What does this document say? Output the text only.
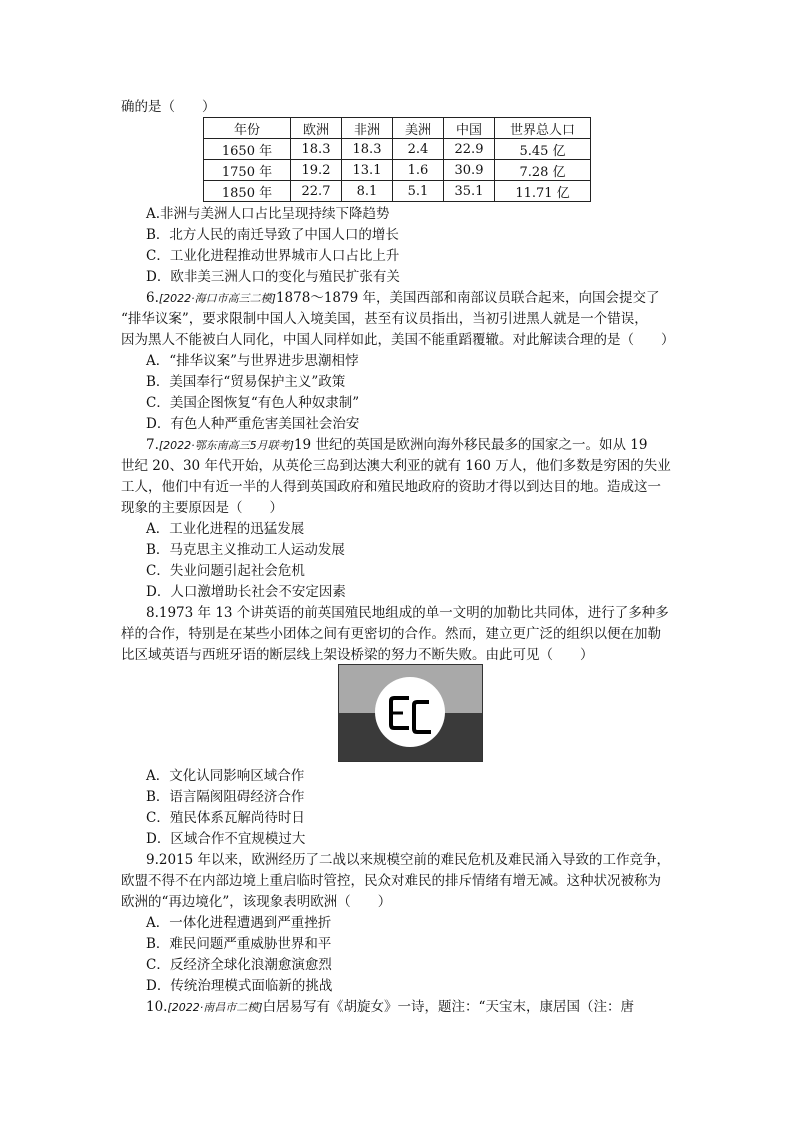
确的是（　　）
年份	欧洲	非洲	美洲	中国	世界总人口
1650 年	18.3	18.3	2.4	22.9	5.45 亿
1750 年	19.2	13.1	1.6	30.9	7.28 亿
1850 年	22.7	8.1	5.1	35.1	11.71 亿
A.非洲与美洲人口占比呈现持续下降趋势
B．北方人民的南迁导致了中国人口的增长
C．工业化进程推动世界城市人口占比上升
D．欧非美三洲人口的变化与殖民扩张有关
6.[2022·海口市高三二模]1878～1879 年，美国西部和南部议员联合起来，向国会提交了
“排华议案”，要求限制中国人入境美国，甚至有议员指出，当初引进黑人就是一个错误，
因为黑人不能被白人同化，中国人同样如此，美国不能重蹈覆辙。对此解读合理的是（　　）
A．“排华议案”与世界进步思潮相悖
B．美国奉行“贸易保护主义”政策
C．美国企图恢复“有色人种奴隶制”
D．有色人种严重危害美国社会治安
7.[2022·鄂东南高三5月联考]19 世纪的英国是欧洲向海外移民最多的国家之一。如从 19
世纪 20、30 年代开始，从英伦三岛到达澳大利亚的就有 160 万人，他们多数是穷困的失业
工人，他们中有近一半的人得到英国政府和殖民地政府的资助才得以到达目的地。造成这一
现象的主要原因是（　　）
A．工业化进程的迅猛发展
B．马克思主义推动工人运动发展
C．失业问题引起社会危机
D．人口激增助长社会不安定因素
8.1973 年 13 个讲英语的前英国殖民地组成的单一文明的加勒比共同体，进行了多种多
样的合作，特别是在某些小团体之间有更密切的合作。然而，建立更广泛的组织以便在加勒
比区域英语与西班牙语的断层线上架设桥梁的努力不断失败。由此可见（　　）
A．文化认同影响区域合作
B．语言隔阂阻碍经济合作
C．殖民体系瓦解尚待时日
D．区域合作不宜规模过大
9.2015 年以来，欧洲经历了二战以来规模空前的难民危机及难民涌入导致的工作竞争，
欧盟不得不在内部边境上重启临时管控，民众对难民的排斥情绪有增无减。这种状况被称为
欧洲的“再边境化”，该现象表明欧洲（　　）
A．一体化进程遭遇到严重挫折
B．难民问题严重威胁世界和平
C．反经济全球化浪潮愈演愈烈
D．传统治理模式面临新的挑战
10.[2022·南昌市二模]白居易写有《胡旋女》一诗，题注：“天宝末，康居国（注：唐
